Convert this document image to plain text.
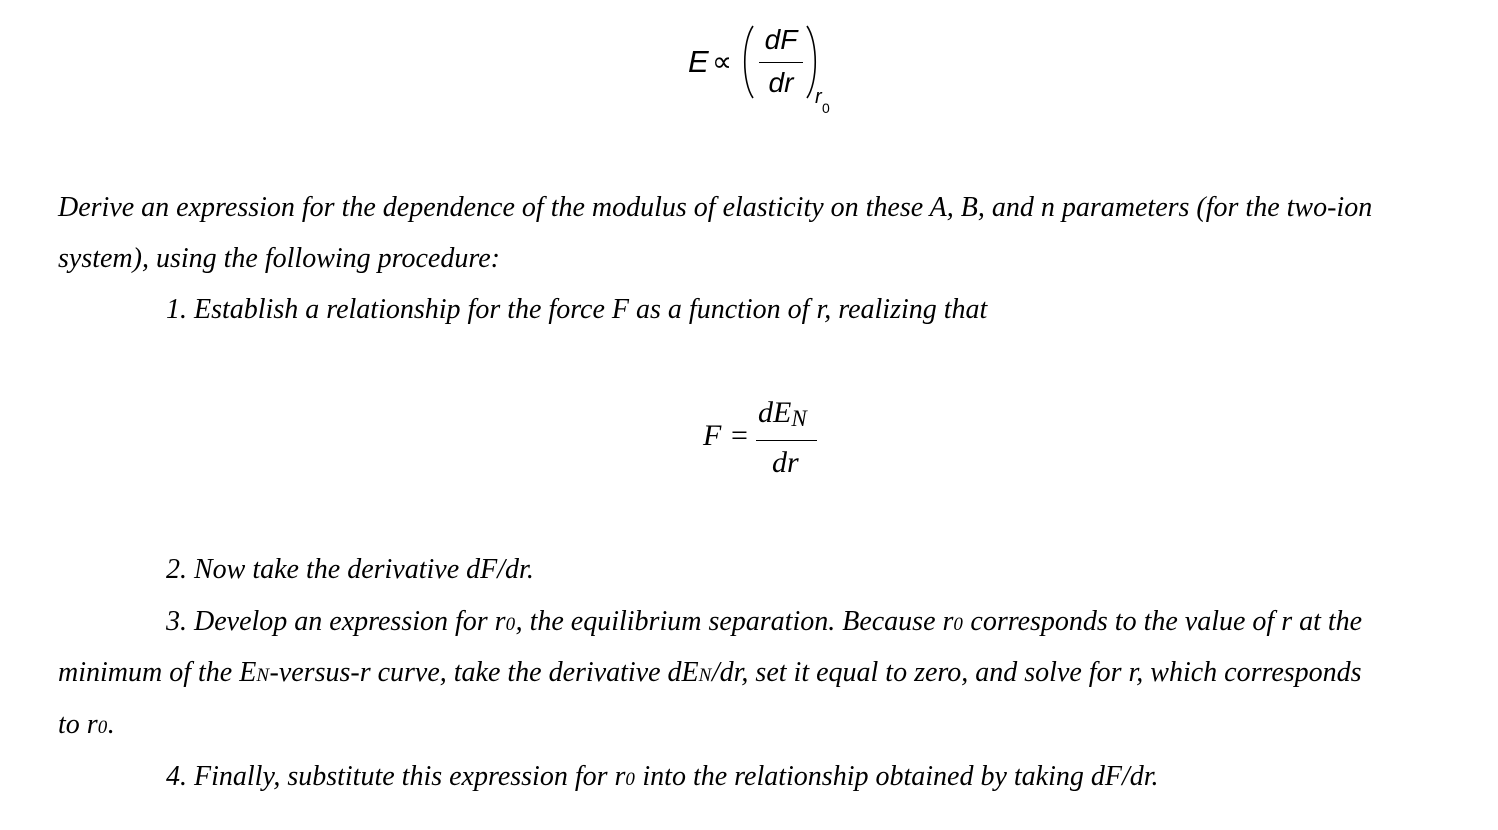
E ∝
dF
dr	r 0

Derive an expression for the dependence of the modulus of elasticity on these A, B, and n parameters (for the two-ion

system), using the following procedure:

1. Establish a relationship for the force F as a function of r, realizing that

F =
dEN
dr

2. Now take the derivative dF/dr.

3. Develop an expression for r0, the equilibrium separation. Because r0 corresponds to the value of r at the

minimum of the EN-versus-r curve, take the derivative dEN/dr, set it equal to zero, and solve for r, which corresponds

to r0.

4. Finally, substitute this expression for r0 into the relationship obtained by taking dF/dr.
